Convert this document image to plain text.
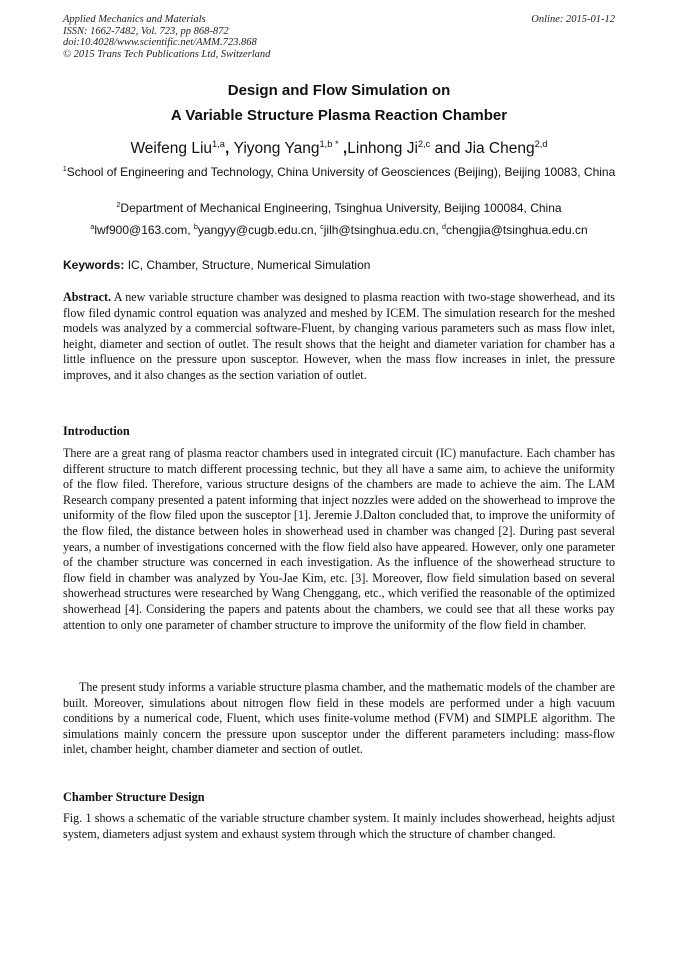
Applied Mechanics and Materials
ISSN: 1662-7482, Vol. 723, pp 868-872
doi:10.4028/www.scientific.net/AMM.723.868
© 2015 Trans Tech Publications Ltd, Switzerland
Online: 2015-01-12
Design and Flow Simulation on
A Variable Structure Plasma Reaction Chamber
Weifeng Liu$^{1,a}$, Yiyong Yang$^{1,b *}$ ,Linhong Ji$^{2,c}$ and Jia Cheng$^{2,d}$
$^1$School of Engineering and Technology, China University of Geosciences (Beijing), Beijing 10083, China
$^2$Department of Mechanical Engineering, Tsinghua University, Beijing 100084, China
$^a$lwf900@163.com, $^b$yangyy@cugb.edu.cn, $^c$jilh@tsinghua.edu.cn, $^d$chengjia@tsinghua.edu.cn
Keywords: IC, Chamber, Structure, Numerical Simulation
Abstract. A new variable structure chamber was designed to plasma reaction with two-stage showerhead, and its flow filed dynamic control equation was analyzed and meshed by ICEM. The simulation research for the meshed models was analyzed by a commercial software-Fluent, by changing various parameters such as mass flow inlet, height, diameter and section of outlet. The result shows that the height and diameter variation for chamber has a little influence on the pressure upon susceptor. However, when the mass flow increases in inlet, the pressure improves, and it also changes as the section variation of outlet.
Introduction
There are a great rang of plasma reactor chambers used in integrated circuit (IC) manufacture. Each chamber has different structure to match different processing technic, but they all have a same aim, to achieve the uniformity of the flow filed. Therefore, various structure designs of the chambers are made to achieve the aim. The LAM Research company presented a patent informing that inject nozzles were added on the showerhead to improve the uniformity of the flow filed upon the susceptor [1]. Jeremie J.Dalton concluded that, to improve the uniformity of the flow filed, the distance between holes in showerhead used in chamber was changed [2]. During past several years, a number of investigations concerned with the flow field also have appeared. However, only one parameter of the chamber structure was concerned in each investigation. As the influence of the showerhead structure to flow field in chamber was analyzed by You-Jae Kim, etc. [3]. Moreover, flow field simulation based on several showerhead structures were researched by Wang Chenggang, etc., which verified the reasonable of the optimized showerhead [4]. Considering the papers and patents about the chambers, we could see that all these works pay attention to only one parameter of chamber structure to improve the uniformity of the flow field in chamber.
The present study informs a variable structure plasma chamber, and the mathematic models of the chamber are built. Moreover, simulations about nitrogen flow field in these models are performed under a high vacuum conditions by a numerical code, Fluent, which uses finite-volume method (FVM) and SIMPLE algorithm. The simulations mainly concern the pressure upon susceptor under the different parameters including: mass-flow inlet, chamber height, chamber diameter and section of outlet.
Chamber Structure Design
Fig. 1 shows a schematic of the variable structure chamber system. It mainly includes showerhead, heights adjust system, diameters adjust system and exhaust system through which the structure of chamber changed.
